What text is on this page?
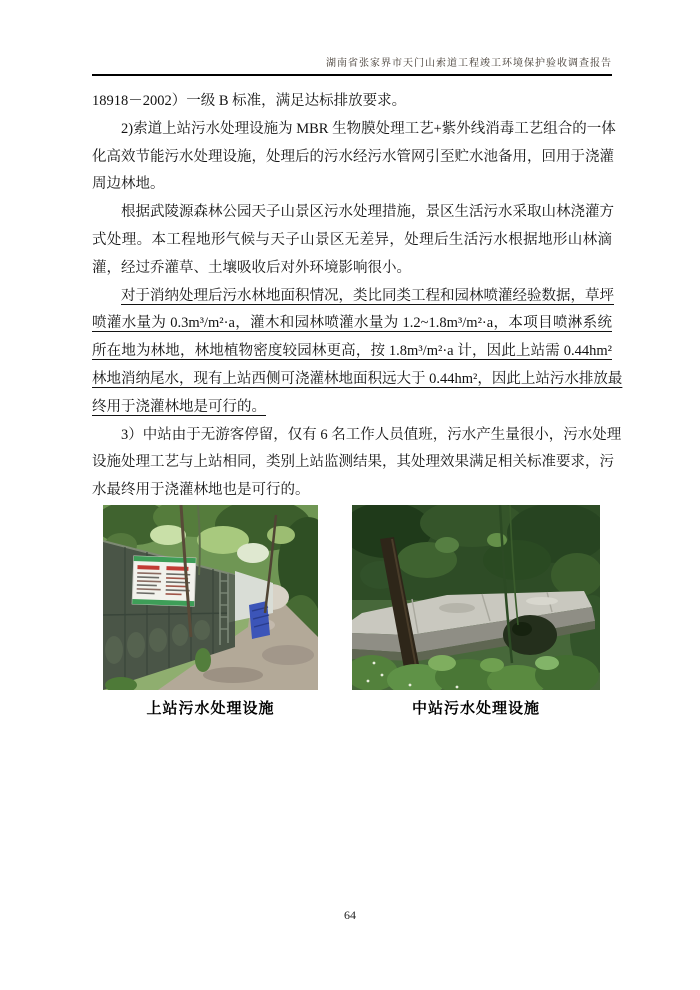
湖南省张家界市天门山索道工程竣工环境保护验收调查报告
18918－2002）一级 B 标准，满足达标排放要求。
2)索道上站污水处理设施为 MBR 生物膜处理工艺+紫外线消毒工艺组合的一体
化高效节能污水处理设施，处理后的污水经污水管网引至贮水池备用，回用于浇灌
周边林地。
根据武陵源森林公园天子山景区污水处理措施，景区生活污水采取山林浇灌方
式处理。本工程地形气候与天子山景区无差异，处理后生活污水根据地形山林滴
灌，经过乔灌草、土壤吸收后对外环境影响很小。
对于消纳处理后污水林地面积情况，类比同类工程和园林喷灌经验数据，草坪
喷灌水量为 0.3m³/m²·a，灌木和园林喷灌水量为 1.2~1.8m³/m²·a，本项目喷淋系统
所在地为林地，林地植物密度较园林更高，按 1.8m³/m²·a 计，因此上站需 0.44hm²
林地消纳尾水，现有上站西侧可浇灌林地面积远大于 0.44hm²，因此上站污水排放最
终用于浇灌林地是可行的。
3）中站由于无游客停留，仅有 6 名工作人员值班，污水产生量很小，污水处理
设施处理工艺与上站相同，类别上站监测结果，其处理效果满足相关标准要求，污
水最终用于浇灌林地也是可行的。
上站污水处理设施	中站污水处理设施
64
